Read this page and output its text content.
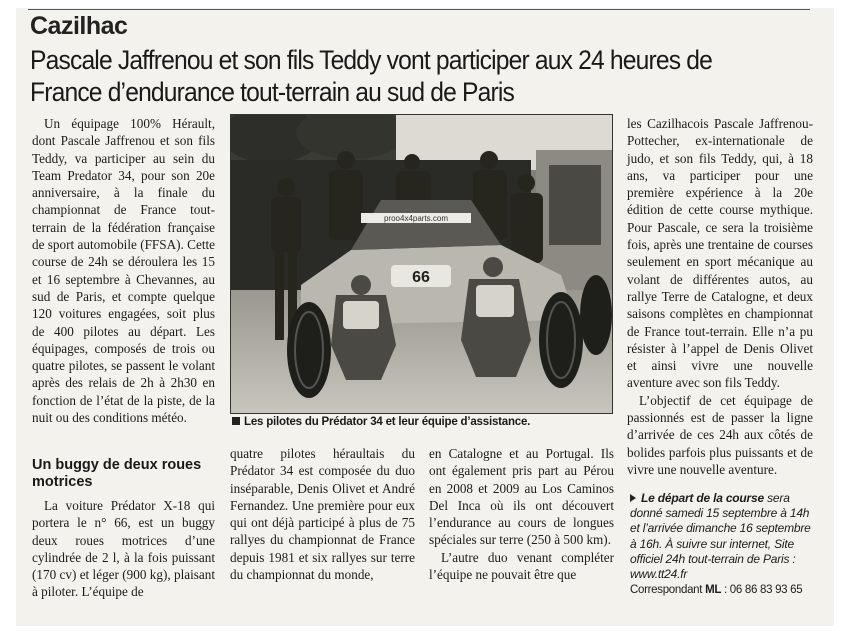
Cazilhac
Pascale Jaffrenou et son fils Teddy vont participer aux 24 heures de France d’endurance tout-terrain au sud de Paris

Un équipage 100% Hérault, dont Pascale Jaffrenou et son fils Teddy, va participer au sein du Team Predator 34, pour son 20e anniversaire, à la finale du championnat de France tout-terrain de la fédération française de sport automobile (FFSA). Cette course de 24h se déroulera les 15 et 16 septembre à Chevannes, au sud de Paris, et compte quelque 120 voitures engagées, soit plus de 400 pilotes au départ. Les équipages, composés de trois ou quatre pilotes, se passent le volant après des relais de 2h à 2h30 en fonction de l’état de la piste, de la nuit ou des conditions météo.

Un buggy de deux roues motrices

La voiture Prédator X-18 qui portera le n° 66, est un buggy deux roues motrices d’une cylindrée de 2 l, à la fois puissant (170 cv) et léger (900 kg), plaisant à piloter. L’équipe de

quatre pilotes héraultais du Prédator 34 est composée du duo inséparable, Denis Olivet et André Fernandez. Une première pour eux qui ont déjà participé à plus de 75 rallyes du championnat de France depuis 1981 et six rallyes sur terre du championnat du monde,

en Catalogne et au Portugal. Ils ont également pris part au Pérou en 2008 et 2009 au Los Caminos Del Inca où ils ont découvert l’endurance au cours de longues spéciales sur terre (250 à 500 km).

L’autre duo venant compléter l’équipe ne pouvait être que

les Cazilhacois Pascale Jaffrenou-Pottecher, ex-internationale de judo, et son fils Teddy, qui, à 18 ans, va participer pour une première expérience à la 20e édition de cette course mythique. Pour Pascale, ce sera la troisième fois, après une trentaine de courses seulement en sport mécanique au volant de différentes autos, au rallye Terre de Catalogne, et deux saisons complètes en championnat de France tout-terrain. Elle n’a pu résister à l’appel de Denis Olivet et ainsi vivre une nouvelle aventure avec son fils Teddy.

L’objectif de cet équipage de passionnés est de passer la ligne d’arrivée de ces 24h aux côtés de bolides parfois plus puissants et de vivre une nouvelle aventure.

proo4x4parts.com
66
Les pilotes du Prédator 34 et leur équipe d’assistance.
Le départ de la course sera donné samedi 15 septembre à 14h et l’arrivée dimanche 16 septembre à 16h. À suivre sur internet, Site officiel 24h tout-terrain de Paris : www.tt24.fr
Correspondant ML : 06 86 83 93 65
